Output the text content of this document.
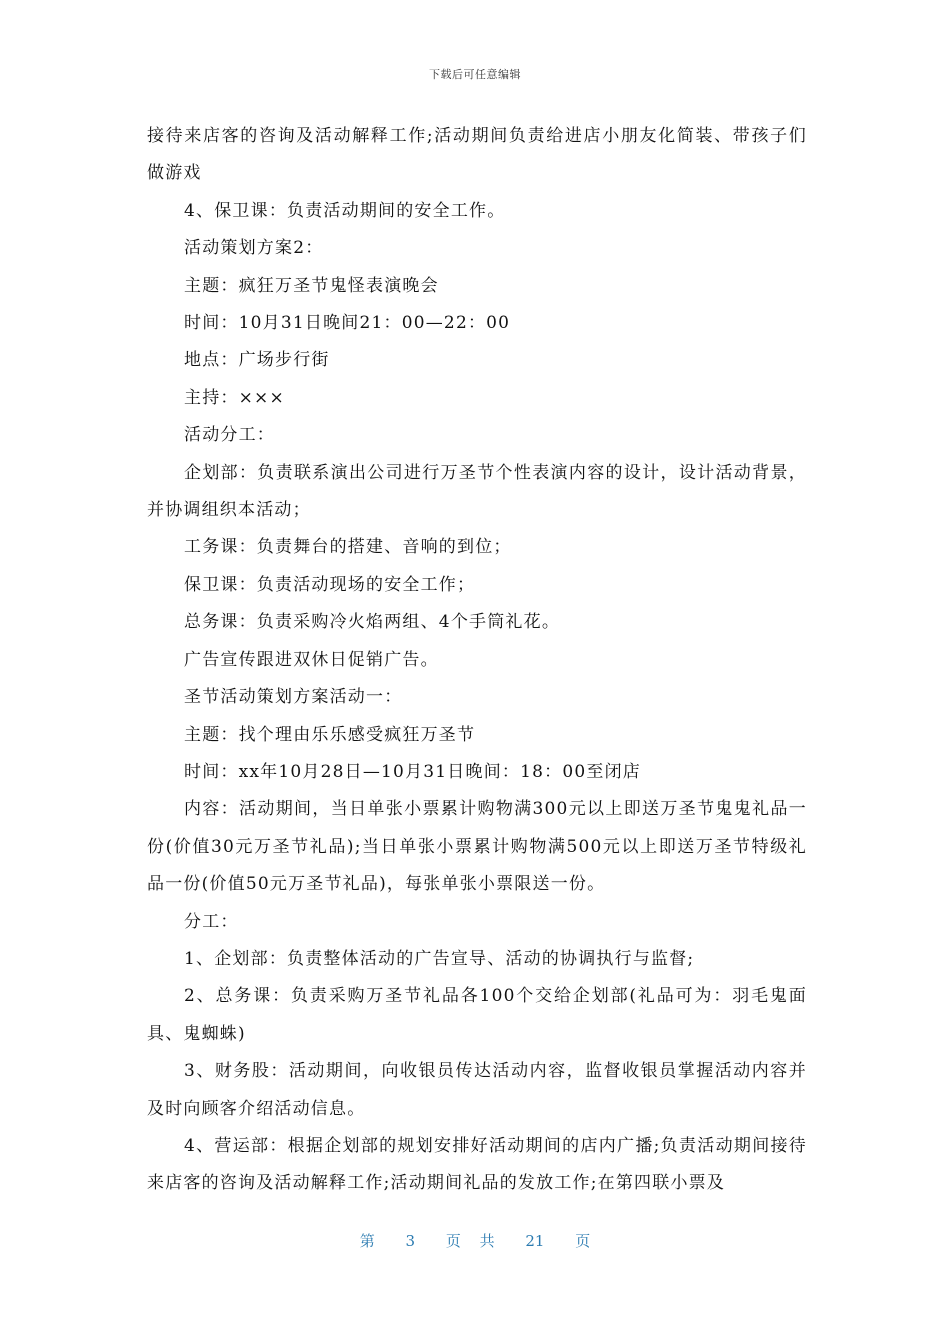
下载后可任意编辑

接待来店客的咨询及活动解释工作;活动期间负责给进店小朋友化简装、带孩子们做游戏

4、保卫课：负责活动期间的安全工作。

活动策划方案2：

主题：疯狂万圣节鬼怪表演晚会

时间：10月31日晚间21：00—22：00

地点：广场步行街

主持：×××

活动分工：

企划部：负责联系演出公司进行万圣节个性表演内容的设计，设计活动背景，并协调组织本活动；

工务课：负责舞台的搭建、音响的到位；

保卫课：负责活动现场的安全工作；

总务课：负责采购冷火焰两组、4个手筒礼花。

广告宣传跟进双休日促销广告。

圣节活动策划方案活动一：

主题：找个理由乐乐感受疯狂万圣节

时间：xx年10月28日—10月31日晚间：18：00至闭店

内容：活动期间，当日单张小票累计购物满300元以上即送万圣节鬼鬼礼品一份(价值30元万圣节礼品);当日单张小票累计购物满500元以上即送万圣节特级礼品一份(价值50元万圣节礼品)，每张单张小票限送一份。

分工：

1、企划部：负责整体活动的广告宣导、活动的协调执行与监督;

2、总务课：负责采购万圣节礼品各100个交给企划部(礼品可为：羽毛鬼面具、鬼蜘蛛)

3、财务股：活动期间，向收银员传达活动内容，监督收银员掌握活动内容并及时向顾客介绍活动信息。

4、营运部：根据企划部的规划安排好活动期间的店内广播;负责活动期间接待来店客的咨询及活动解释工作;活动期间礼品的发放工作;在第四联小票及

第 3 页 共 21 页
